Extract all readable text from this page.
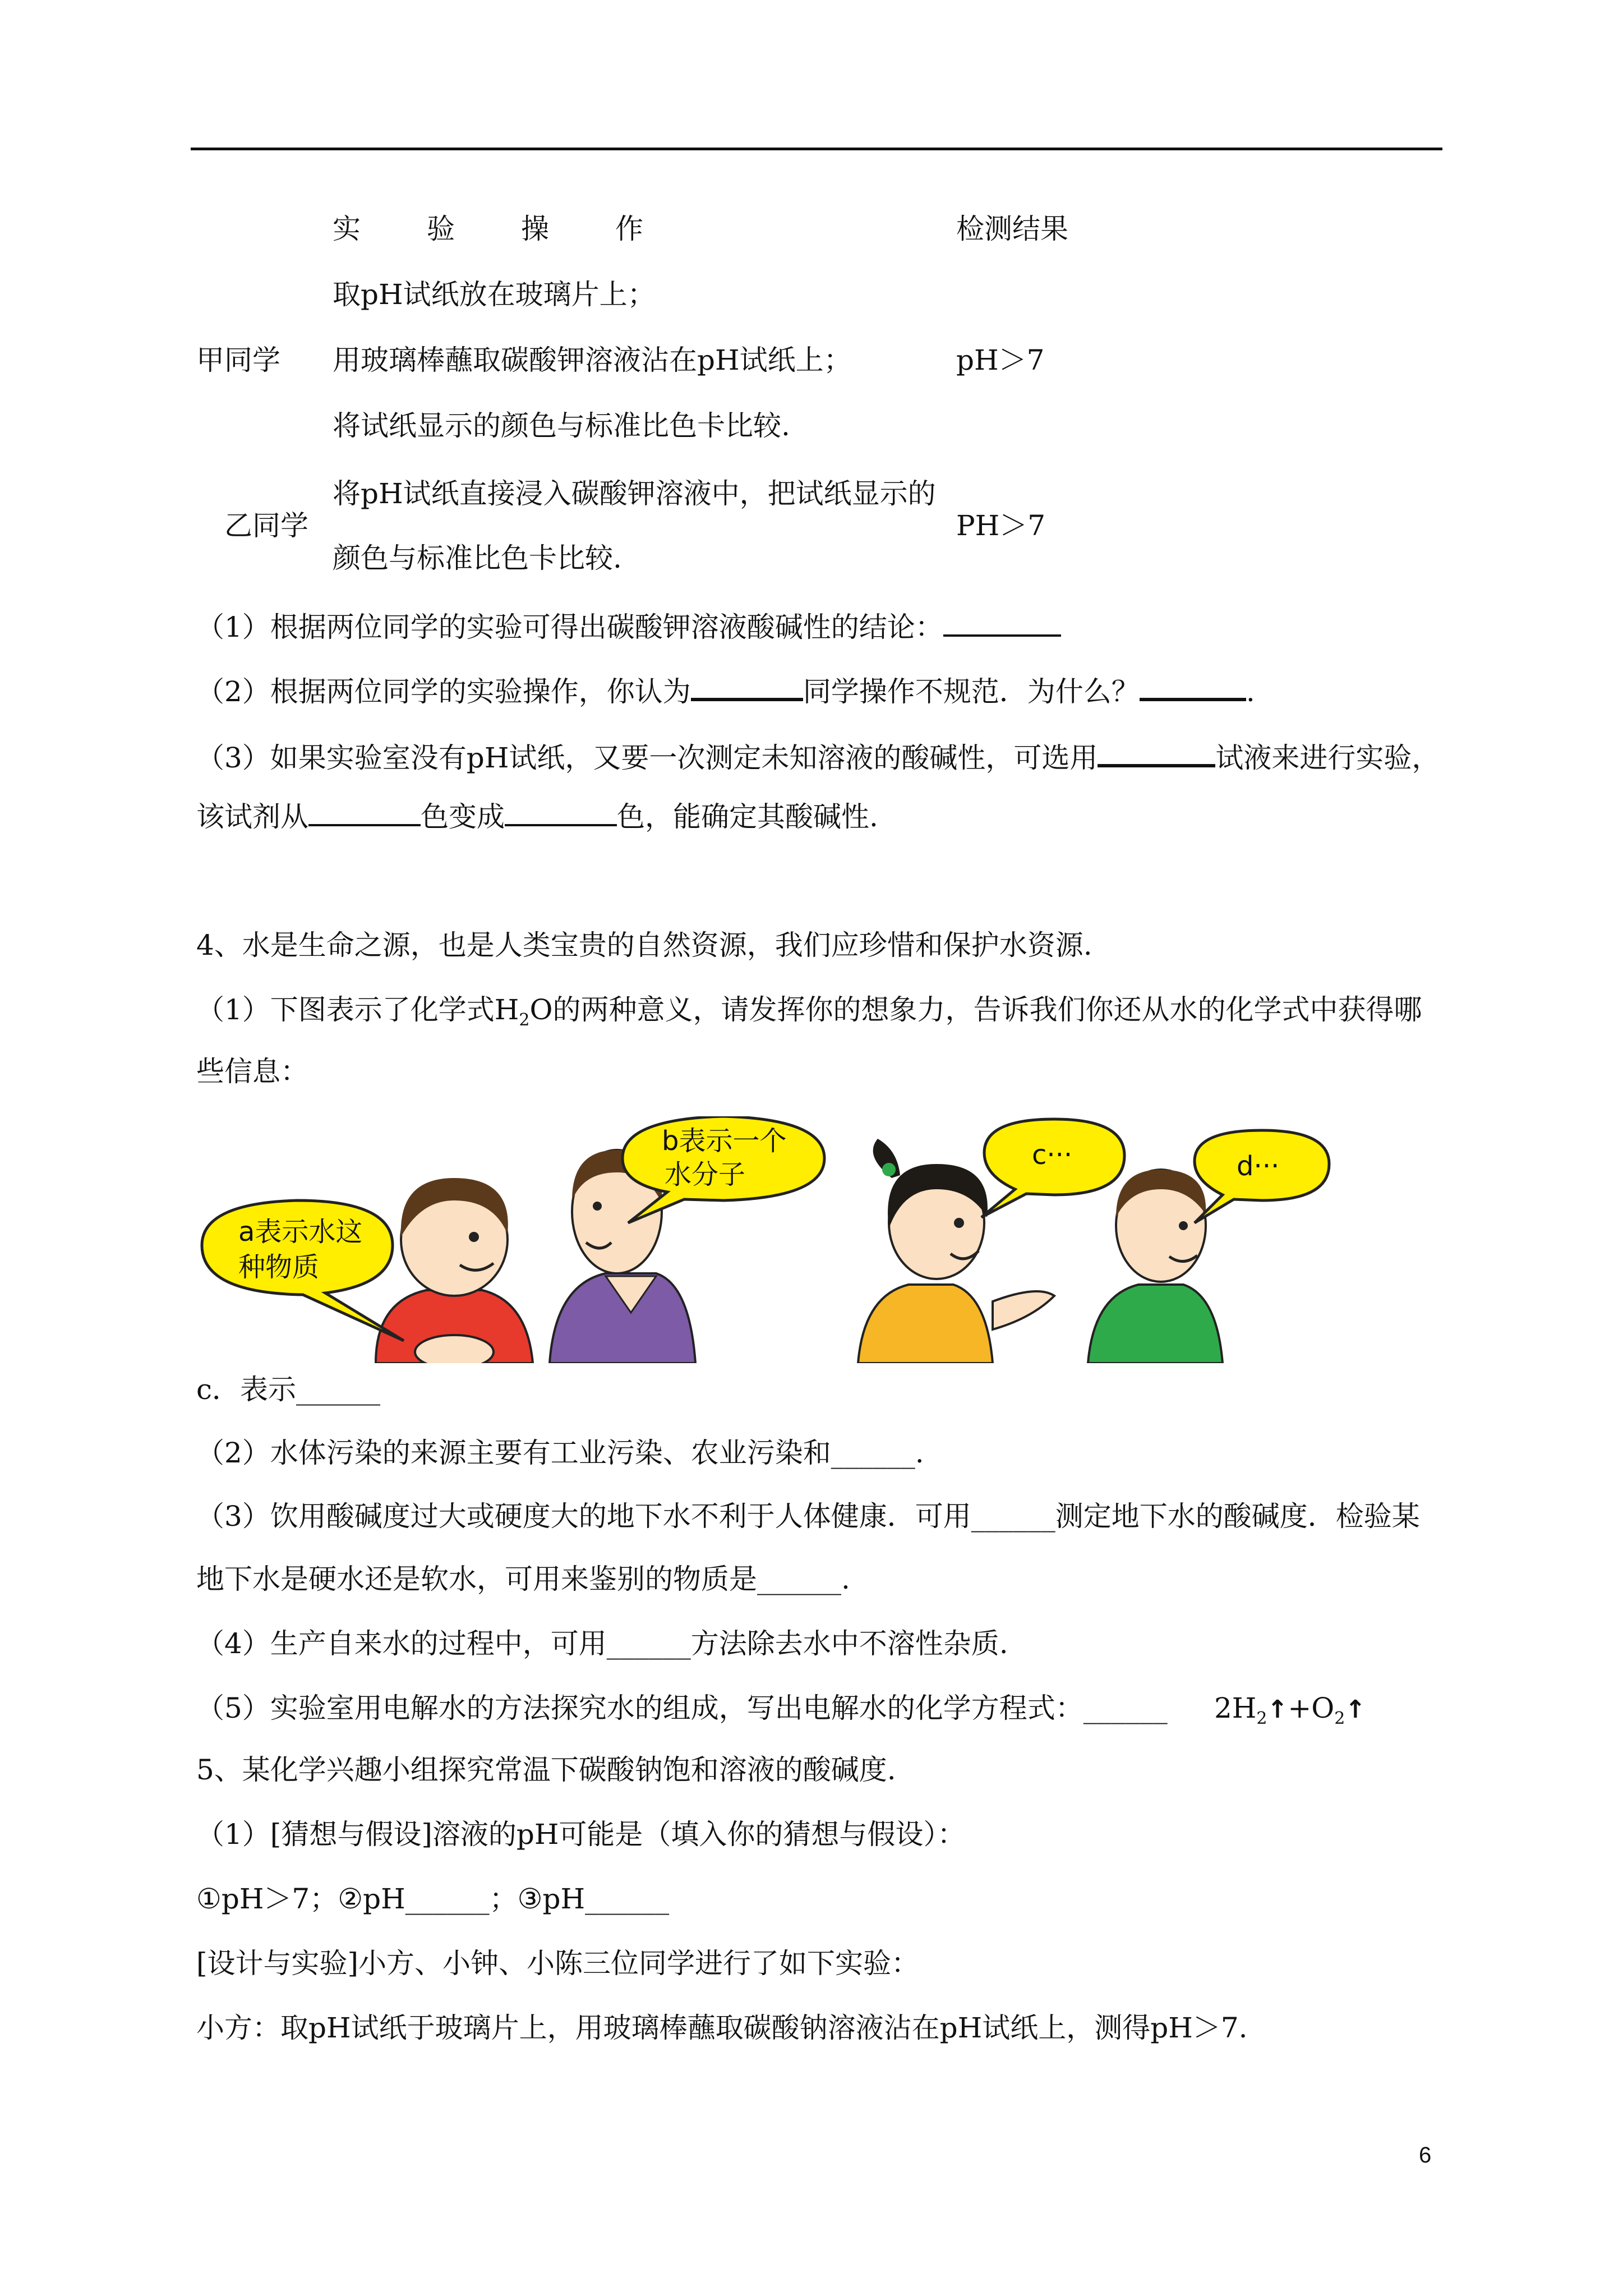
实验操作	检测结果
取pH试纸放在玻璃片上；
甲同学 用玻璃棒蘸取碳酸钾溶液沾在pH试纸上；	pH＞7
将试纸显示的颜色与标准比色卡比较.
将pH试纸直接浸入碳酸钾溶液中，把试纸显示的
乙同学	PH＞7
颜色与标准比色卡比较.
（1）根据两位同学的实验可得出碳酸钾溶液酸碱性的结论：
（2）根据两位同学的实验操作，你认为	同学操作不规范．为什么？	.
（3）如果实验室没有pH试纸，又要一次测定未知溶液的酸碱性，可选用	试液来进行实验，
该试剂从	色变成	色，能确定其酸碱性.
4、水是生命之源，也是人类宝贵的自然资源，我们应珍惜和保护水资源.
（1）下图表示了化学式$H_2O$的两种意义，请发挥你的想象力，告诉我们你还从水的化学式中获得哪
些信息：
a表示水这
种物质
b表示一个
水分子
c···	d···
c．表示______
（2）水体污染的来源主要有工业污染、农业污染和______.
（3）饮用酸碱度过大或硬度大的地下水不利于人体健康．可用______测定地下水的酸碱度．检验某
地下水是硬水还是软水，可用来鉴别的物质是______.
（4）生产自来水的过程中，可用______方法除去水中不溶性杂质.
（5）实验室用电解水的方法探究水的组成，写出电解水的化学方程式：______ $2H_2↑+O_2↑$
5、某化学兴趣小组探究常温下碳酸钠饱和溶液的酸碱度.
（1）[猜想与假设]溶液的pH可能是（填入你的猜想与假设）：
①pH＞7；②pH______；③pH______
[设计与实验]小方、小钟、小陈三位同学进行了如下实验：
小方：取pH试纸于玻璃片上，用玻璃棒蘸取碳酸钠溶液沾在pH试纸上，测得pH＞7.
6
